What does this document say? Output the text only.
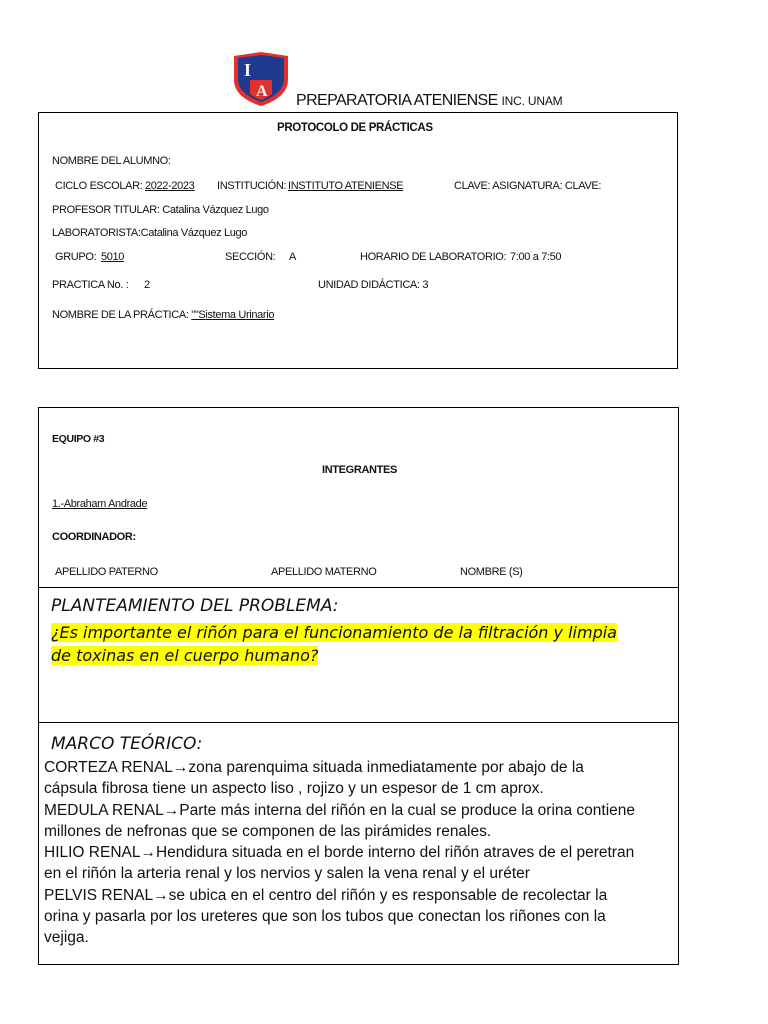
I
A
PREPARATORIA ATENIENSE INC. UNAM
PROTOCOLO DE PRÁCTICAS
NOMBRE DEL ALUMNO:
CICLO ESCOLAR: 2022-2023 INSTITUCIÓN: INSTITUTO ATENIENSE	CLAVE: ASIGNATURA: CLAVE:
PROFESOR TITULAR: Catalina Vázquez Lugo
LABORATORISTA:Catalina Vázquez Lugo
GRUPO: 5010	SECCIÓN: A	HORARIO DE LABORATORIO: 7:00 a 7:50
PRACTICA No. : 2	UNIDAD DIDÁCTICA: 3
NOMBRE DE LA PRÁCTICA: ""Sistema Urinario
EQUIPO #3
INTEGRANTES
1.-Abraham Andrade
COORDINADOR:
APELLIDO PATERNO	APELLIDO MATERNO	NOMBRE (S)
PLANTEAMIENTO DEL PROBLEMA:
¿Es importante el riñón para el funcionamiento de la filtración y limpia
de toxinas en el cuerpo humano?
MARCO TEÓRICO:
CORTEZA RENAL→zona parenquima situada inmediatamente por abajo de la
cápsula fibrosa tiene un aspecto liso , rojizo y un espesor de 1 cm aprox.
MEDULA RENAL→Parte más interna del riñón en la cual se produce la orina contiene
millones de nefronas que se componen de las pirámides renales.
HILIO RENAL→Hendidura situada en el borde interno del riñón atraves de el peretran
en el riñón la arteria renal y los nervios y salen la vena renal y el uréter
PELVIS RENAL→se ubica en el centro del riñón y es responsable de recolectar la
orina y pasarla por los ureteres que son los tubos que conectan los riñones con la
vejiga.
